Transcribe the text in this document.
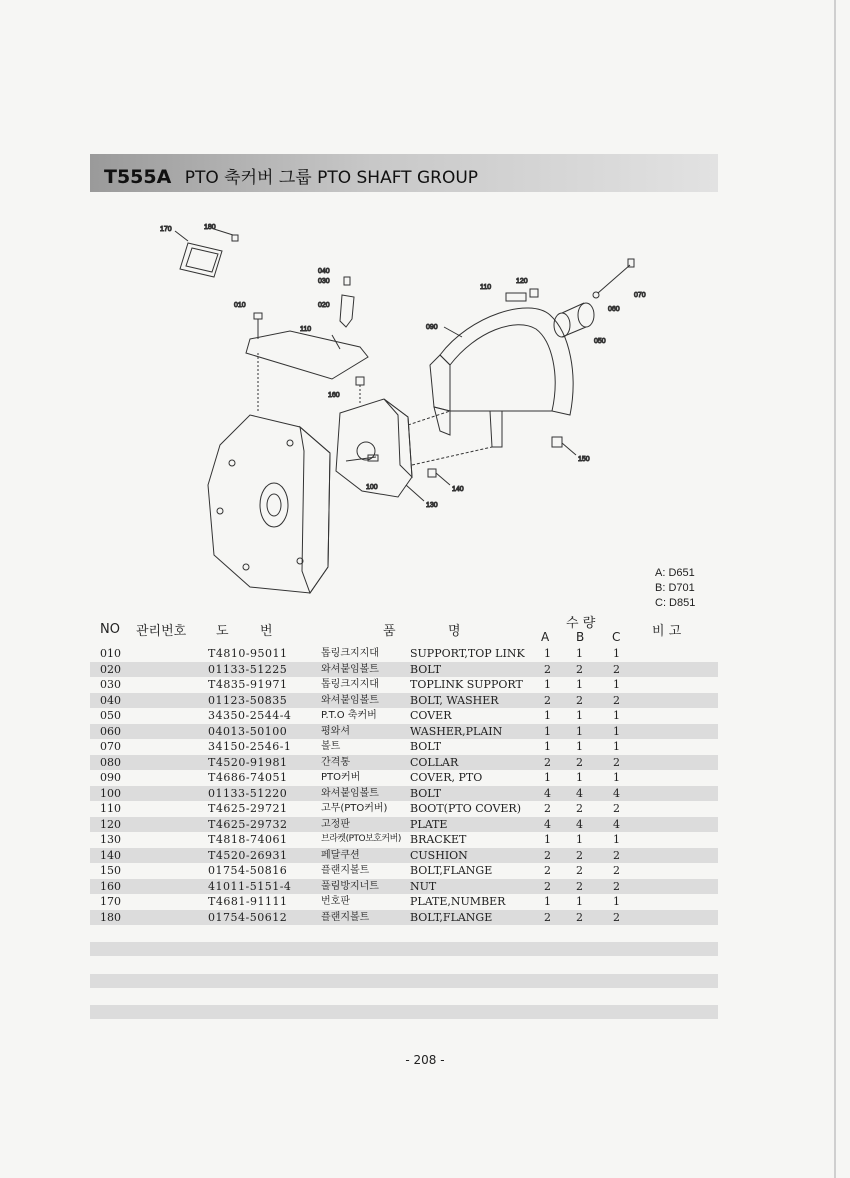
T555A PTO 축커버 그룹 PTO SHAFT GROUP
170	180
040
030
020
010
110
160
100	140
130
090
110
120
070
060
050
150
A: D651
B: D701
C: D851
NO 관리번호 도 번	품	명
수 량
A B C 비 고
010	T4810-95011	톱링크지지대	SUPPORT,TOP LINK 1 1	1
020	01133-51225	와셔붙임볼트	BOLT	2 2	2
030	T4835-91971	톱링크지지대	TOPLINK SUPPORT 1 1	1
040	01123-50835	와셔붙임볼트	BOLT, WASHER	2 2	2
050	34350-2544-4	P.T.O 축커버	COVER	1 1	1
060	04013-50100	평와셔	WASHER,PLAIN	1 1	1
070	34150-2546-1	볼트	BOLT	1 1	1
080	T4520-91981	간격통	COLLAR	2 2	2
090	T4686-74051	PTO커버	COVER, PTO	1 1	1
100	01133-51220	와셔붙임볼트	BOLT	4 4	4
110	T4625-29721	고무(PTO커버) BOOT(PTO COVER) 2 2	2
120	T4625-29732	고정판	PLATE	4 4	4
130	T4818-74061	브라켓(PTO보호커버) BRACKET	1 1	1
140	T4520-26931	페달쿠션	CUSHION	2 2	2
150	01754-50816	플랜지볼트	BOLT,FLANGE	2 2	2
160	41011-5151-4	풀림방지너트	NUT	2 2	2
170	T4681-91111	번호판	PLATE,NUMBER	1 1	1
180	01754-50612	플랜지볼트	BOLT,FLANGE	2 2	2
- 208 -
